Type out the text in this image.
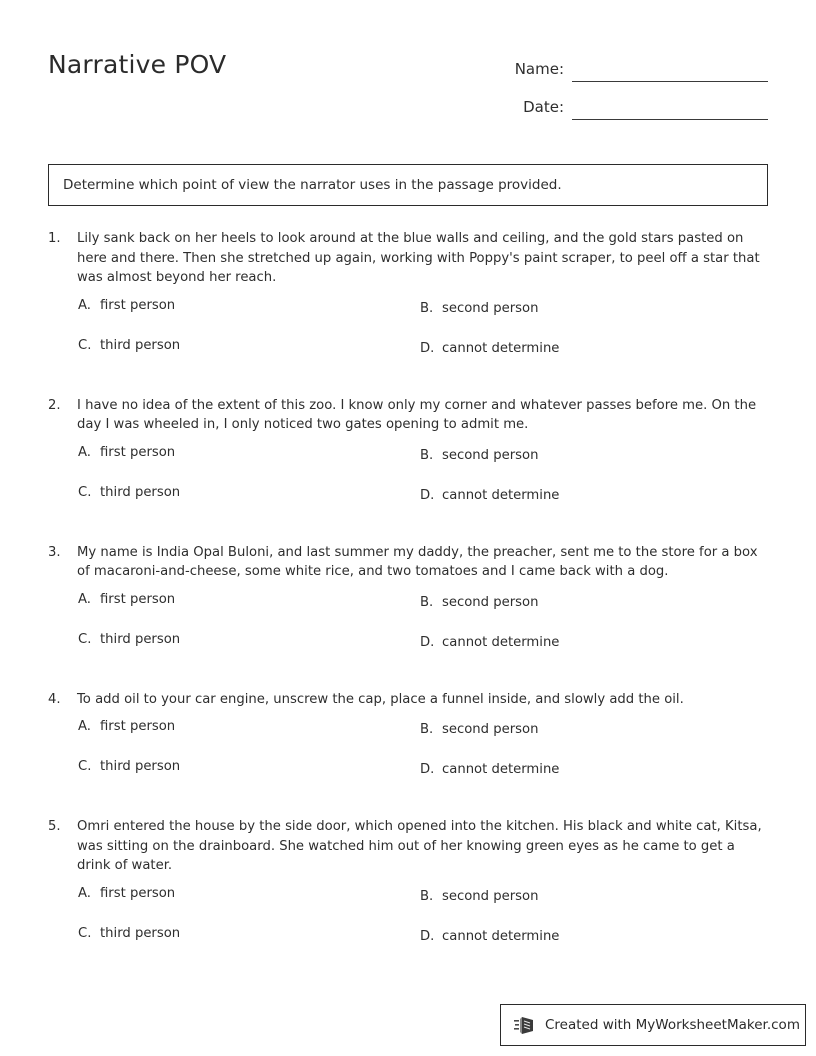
Narrative POV	Name:
Date:
Determine which point of view the narrator uses in the passage provided.
1.	Lily sank back on her heels to look around at the blue walls and ceiling, and the gold stars pasted on here and there. Then she stretched up again, working with Poppy's paint scraper, to peel off a star that was almost beyond her reach.
A. first person	B. second person
C. third person	D. cannot determine
2.	I have no idea of the extent of this zoo. I know only my corner and whatever passes before me. On the day I was wheeled in, I only noticed two gates opening to admit me.
A. first person	B. second person
C. third person	D. cannot determine
3.	My name is India Opal Buloni, and last summer my daddy, the preacher, sent me to the store for a box of macaroni-and-cheese, some white rice, and two tomatoes and I came back with a dog.
A. first person	B. second person
C. third person	D. cannot determine
4.	To add oil to your car engine, unscrew the cap, place a funnel inside, and slowly add the oil.
A. first person	B. second person
C. third person	D. cannot determine
5.	Omri entered the house by the side door, which opened into the kitchen. His black and white cat, Kitsa, was sitting on the drainboard. She watched him out of her knowing green eyes as he came to get a drink of water.
A. first person	B. second person
C. third person	D. cannot determine
Created with MyWorksheetMaker.com
